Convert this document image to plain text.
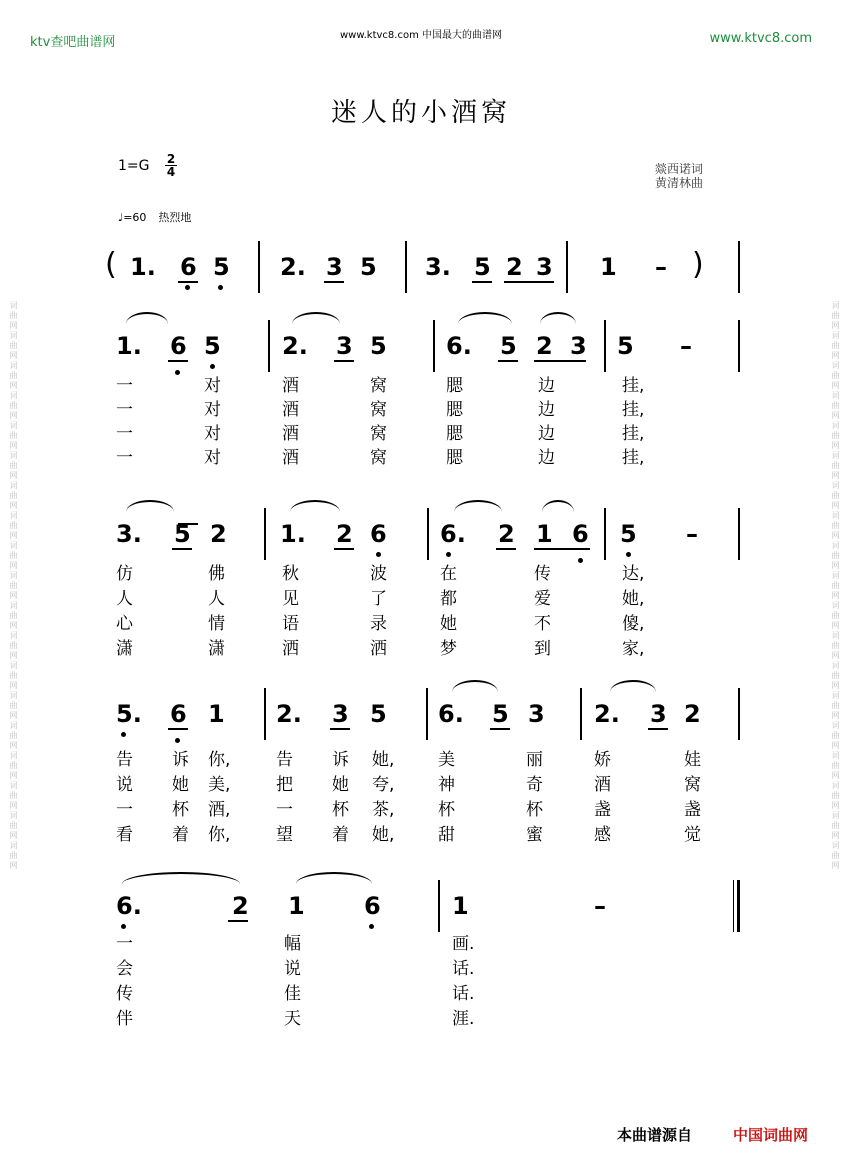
词曲网词曲网词曲网词曲网词曲网词曲网词曲网词曲网词曲网词曲网词曲网词曲网词曲网词曲网词曲网词曲网词曲网词曲网词曲网	词曲网词曲网词曲网词曲网词曲网词曲网词曲网词曲网词曲网词曲网词曲网词曲网词曲网词曲网词曲网词曲网词曲网词曲网词曲网
ktv查吧曲谱网	www.ktvc8.com 中国最大的曲谱网	www.ktvc8.com
迷人的小酒窝
1=G 2
4	燚西诺词
黄清林曲
♩=60 热烈地
( 1. 6 5 2. 3 5 3. 5 2 3 1 – )
1. 6 5	2. 3 5 6. 5 2 3 5 –
一	对	酒	窝	腮	边	挂,
一	对	酒	窝	腮	边	挂,
一	对	酒	窝	腮	边	挂,
一	对	酒	窝	腮	边	挂,
3. 5 2 1. 2 6 6. 2 1 6 5 –
仿	佛	秋	波	在	传	达,
人	人	见	了	都	爱	她,
心	情	语	录	她	不	傻,
潇	潇	洒	洒	梦	到	家,
5. 6 1 2. 3 5 6. 5 3 2. 3 2
告 诉 你,	告 诉 她,	美	丽	娇	娃
说 她 美,	把 她 夸,	神	奇	酒	窝
一 杯 酒,	一 杯 茶,	杯	杯	盏	盏
看 着 你,	望 着 她,	甜	蜜	感	觉
6.	2 1 6	1	–
一	幅	画.
会	说	话.
传	佳	话.
伴	天	涯.
本曲谱源自	中国词曲网
